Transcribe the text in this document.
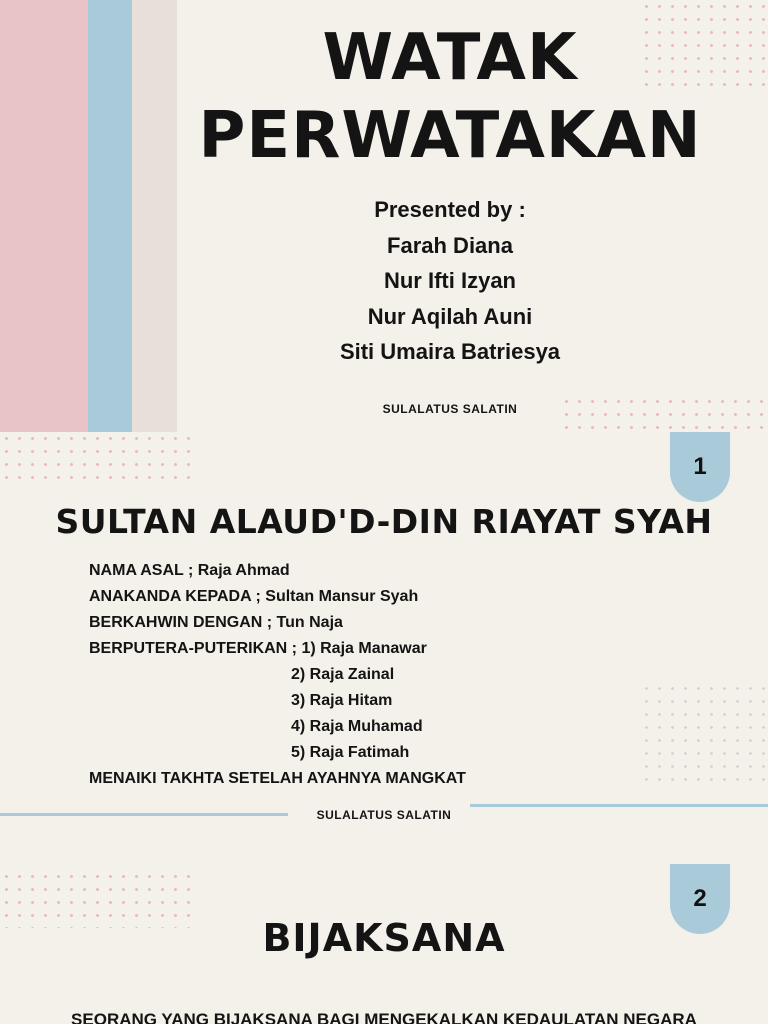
WATAK
PERWATAKAN
Presented by :
Farah Diana
Nur Ifti Izyan
Nur Aqilah Auni
Siti Umaira Batriesya
SULALATUS SALATIN
1
SULTAN ALAUD'D-DIN RIAYAT SYAH
NAMA ASAL ; Raja Ahmad
ANAKANDA KEPADA ; Sultan Mansur Syah
BERKAHWIN DENGAN ; Tun Naja
BERPUTERA-PUTERIKAN ; 1) Raja Manawar
2) Raja Zainal
3) Raja Hitam
4) Raja Muhamad
5) Raja Fatimah
MENAIKI TAKHTA SETELAH AYAHNYA MANGKAT
SULALATUS SALATIN
2
BIJAKSANA
SEORANG YANG BIJAKSANA BAGI MENGEKALKAN KEDAULATAN NEGARA
